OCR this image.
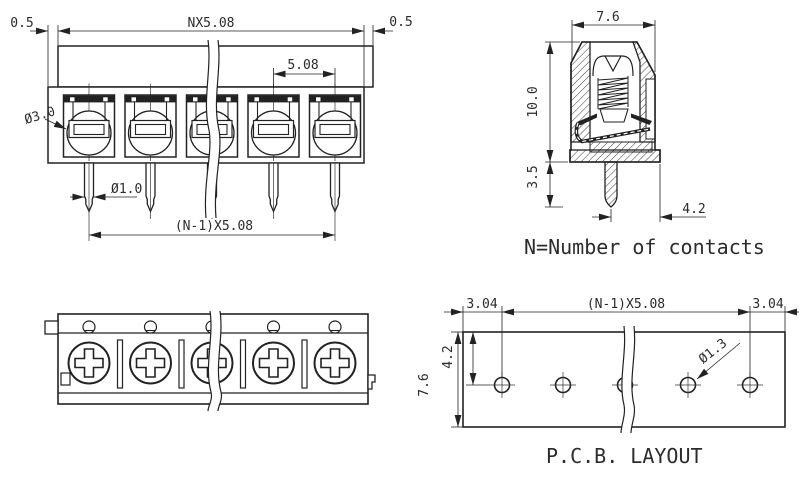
0.5	NX5.08	0.5
5.08
Ø3.0
Ø1.0
(N-1)X5.08
7.6
10.0
3.5
4.2
N=Number of contacts
3.04	(N-1)X5.08	3.04
7.6
4.2	Ø1.3
P.C.B. LAYOUT
